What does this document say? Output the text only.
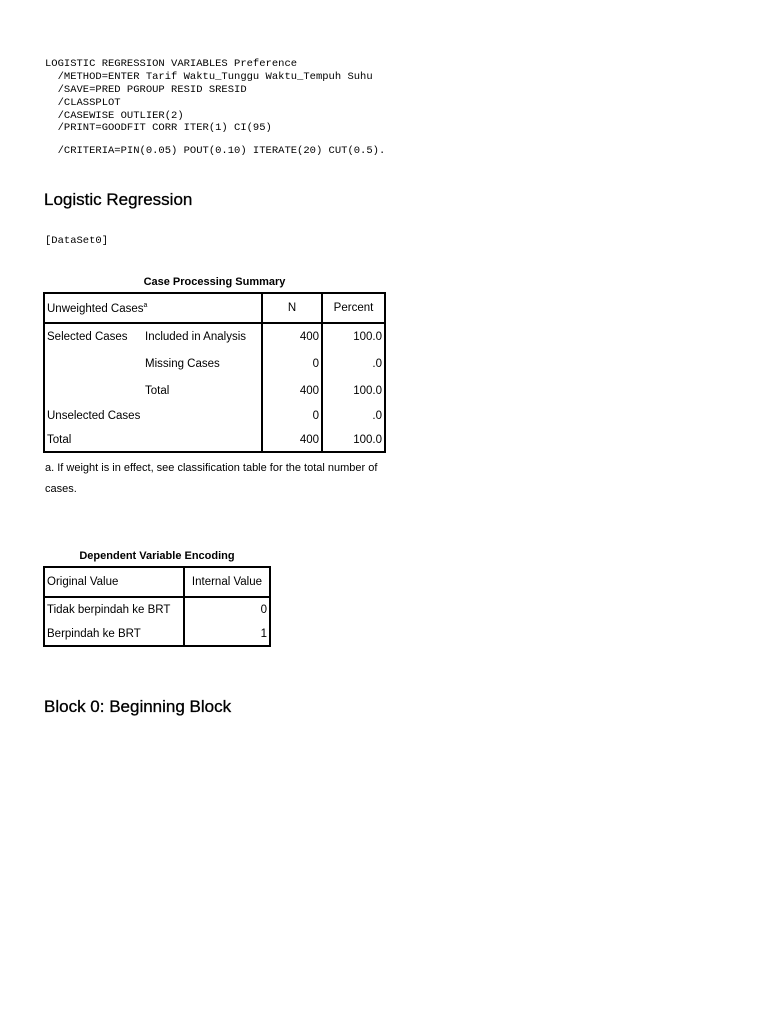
LOGISTIC REGRESSION VARIABLES Preference
/METHOD=ENTER Tarif Waktu_Tunggu Waktu_Tempuh Suhu
/SAVE=PRED PGROUP RESID SRESID
/CLASSPLOT
/CASEWISE OUTLIER(2)
/PRINT=GOODFIT CORR ITER(1) CI(95)
/CRITERIA=PIN(0.05) POUT(0.10) ITERATE(20) CUT(0.5).
Logistic Regression
[DataSet0]
Case Processing Summary
Unweighted Cases$^a$		N	Percent
Selected Cases	Included in Analysis	400	100.0
	Missing Cases	0	.0
	Total	400	100.0
Unselected Cases		0	.0
Total		400	100.0
a. If weight is in effect, see classification table for the total number of cases.
Dependent Variable Encoding
Original Value	Internal Value
Tidak berpindah ke BRT	0
Berpindah ke BRT	1
Block 0: Beginning Block
